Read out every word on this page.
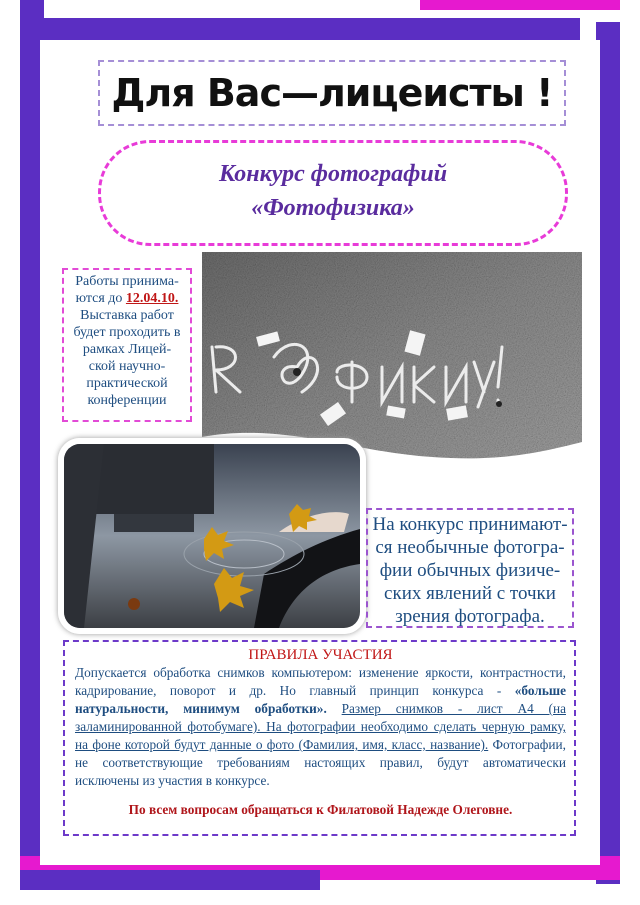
Для Вас—лицеисты !
Конкурс фотографий
«Фотофизика»
Работы принима-
ются до 12.04.10.
Выставка работ
будет проходить в
рамках Лицей-
ской научно-
практической
конференции
На конкурс принимают-
ся необычные фотогра-
фии обычных физиче-
ских явлений с точки
зрения фотографа.
ПРАВИЛА УЧАСТИЯ
Допускается обработка снимков компьютером: изменение яркости, контрастности, кадрирование, поворот и др. Но главный принцип конкурса - «больше натуральности, минимум обработки». Размер снимков - лист А4 (на заламинированной фотобумаге). На фотографии необходимо сделать черную рамку, на фоне которой будут данные о фото (Фамилия, имя, класс, название). Фотографии, не соответствующие требованиям настоящих правил, будут автоматически исключены из участия в конкурсе.
По всем вопросам обращаться к Филатовой Надежде Олеговне.
